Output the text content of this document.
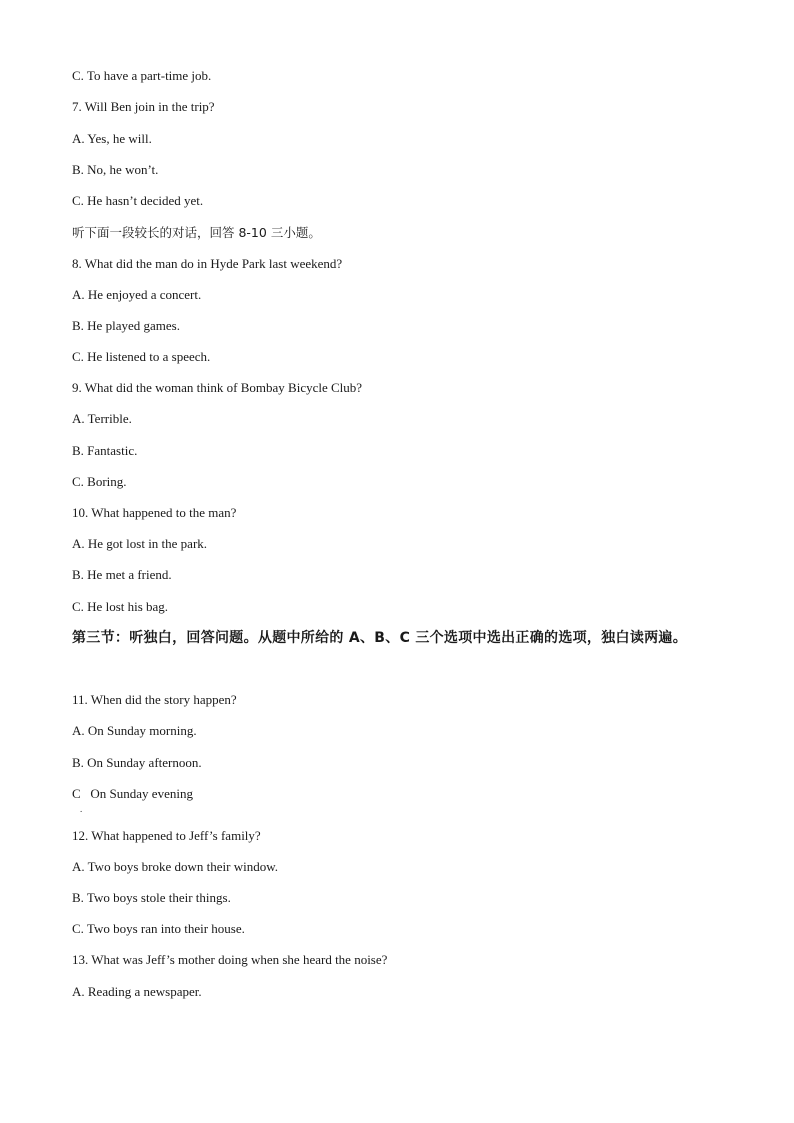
C. To have a part-time job.
7. Will Ben join in the trip?
A. Yes, he will.
B. No, he won’t.
C. He hasn’t decided yet.
听下面一段较长的对话，回答 8-10 三小题。
8. What did the man do in Hyde Park last weekend?
A. He enjoyed a concert.
B. He played games.
C. He listened to a speech.
9. What did the woman think of Bombay Bicycle Club?
A. Terrible.
B. Fantastic.
C. Boring.
10. What happened to the man?
A. He got lost in the park.
B. He met a friend.
C. He lost his bag.
第三节：听独白，回答问题。从题中所给的 A、B、C 三个选项中选出正确的选项，独白读两遍。
11. When did the story happen?
A. On Sunday morning.
B. On Sunday afternoon.
C   On Sunday evening
.
12. What happened to Jeff’s family?
A. Two boys broke down their window.
B. Two boys stole their things.
C. Two boys ran into their house.
13. What was Jeff’s mother doing when she heard the noise?
A. Reading a newspaper.
